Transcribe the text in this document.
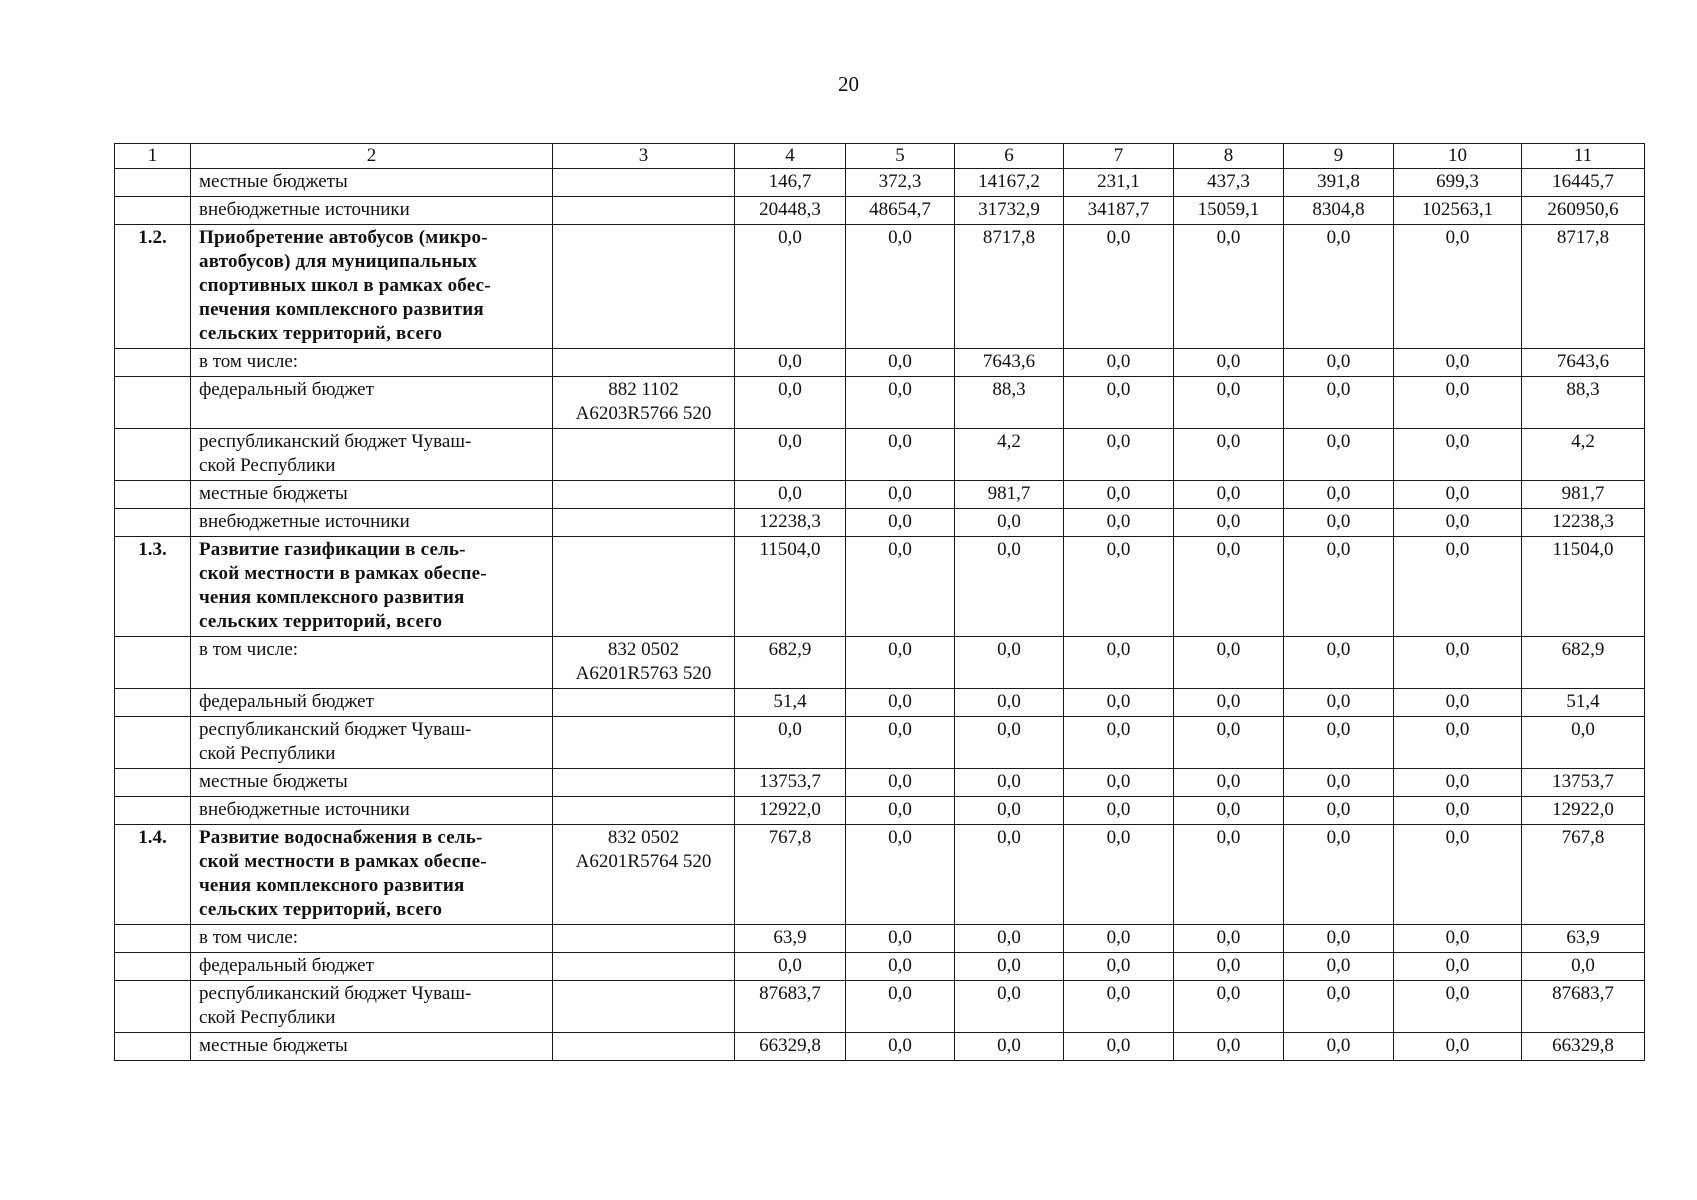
20
1	2	3	4	5	6	7	8	9	10	11

	местные бюджеты		146,7	372,3	14167,2	231,1	437,3	391,8	699,3	16445,7

	внебюджетные источники		20448,3	48654,7	31732,9	34187,7	15059,1	8304,8	102563,1	260950,6
1.2.	Приобретение автобусов (микро-
автобусов) для муниципальных
спортивных школ в рамках обес-
печения комплексного развития
сельских территорий, всего		0,0	0,0	8717,8	0,0	0,0	0,0	0,0	8717,8

	в том числе:		0,0	0,0	7643,6	0,0	0,0	0,0	0,0	7643,6

	федеральный бюджет	882 1102
A6203R5766 520	0,0	0,0	88,3	0,0	0,0	0,0	0,0	88,3

	республиканский бюджет Чуваш-
ской Республики		0,0	0,0	4,2	0,0	0,0	0,0	0,0	4,2

	местные бюджеты		0,0	0,0	981,7	0,0	0,0	0,0	0,0	981,7

	внебюджетные источники		12238,3	0,0	0,0	0,0	0,0	0,0	0,0	12238,3
1.3.	Развитие газификации в сель-
ской местности в рамках обеспе-
чения комплексного развития
сельских территорий, всего		11504,0	0,0	0,0	0,0	0,0	0,0	0,0	11504,0

	в том числе:	832 0502
A6201R5763 520	682,9	0,0	0,0	0,0	0,0	0,0	0,0	682,9

	федеральный бюджет		51,4	0,0	0,0	0,0	0,0	0,0	0,0	51,4

	республиканский бюджет Чуваш-
ской Республики		0,0	0,0	0,0	0,0	0,0	0,0	0,0	0,0

	местные бюджеты		13753,7	0,0	0,0	0,0	0,0	0,0	0,0	13753,7

	внебюджетные источники		12922,0	0,0	0,0	0,0	0,0	0,0	0,0	12922,0
1.4.	Развитие водоснабжения в сель-
ской местности в рамках обеспе-
чения комплексного развития
сельских территорий, всего	832 0502
A6201R5764 520	767,8	0,0	0,0	0,0	0,0	0,0	0,0	767,8

	в том числе:		63,9	0,0	0,0	0,0	0,0	0,0	0,0	63,9

	федеральный бюджет		0,0	0,0	0,0	0,0	0,0	0,0	0,0	0,0

	республиканский бюджет Чуваш-
ской Республики		87683,7	0,0	0,0	0,0	0,0	0,0	0,0	87683,7

	местные бюджеты		66329,8	0,0	0,0	0,0	0,0	0,0	0,0	66329,8
